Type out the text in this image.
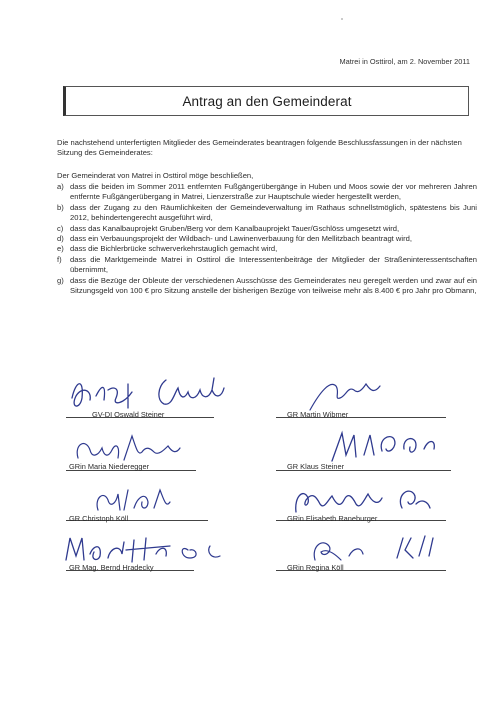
Matrei in Osttirol, am 2. November 2011
Antrag an den Gemeinderat
Die nachstehend unterfertigten Mitglieder des Gemeinderates beantragen folgende Beschlussfassungen in der nächsten Sitzung des Gemeinderates:
Der Gemeinderat von Matrei in Osttirol möge beschließen,
a) dass die beiden im Sommer 2011 entfernten Fußgängerübergänge in Huben und Moos sowie der vor mehreren Jahren entfernte Fußgängerübergang in Matrei, Lienzerstraße zur Hauptschule wieder hergestellt werden,
b) dass der Zugang zu den Räumlichkeiten der Gemeindeverwaltung im Rathaus schnellstmöglich, spätestens bis Juni 2012, behindertengerecht ausgeführt wird,
c) dass das Kanalbauprojekt Gruben/Berg vor dem Kanalbauprojekt Tauer/Gschlöss umgesetzt wird,
d) dass ein Verbauungsprojekt der Wildbach- und Lawinenverbauung für den Mellitzbach beantragt wird,
e) dass die Bichlerbrücke schwerverkehrstauglich gemacht wird,
f)	dass die Marktgemeinde Matrei in Osttirol die Interessentenbeiträge der Mitglieder der Straßeninteressentschaften übernimmt,
g) dass die Bezüge der Obleute der verschiedenen Ausschüsse des Gemeinderates neu geregelt werden und zwar auf ein Sitzungsgeld von 100 € pro Sitzung anstelle der bisherigen Bezüge von teilweise mehr als 8.400 € pro Jahr pro Obmann,
GV-DI Oswald Steiner	GR Martin Wibmer
GRin Maria Niederegger	GR Klaus Steiner
GR Christoph Köll	GRin Elisabeth Raneburger
GR Mag. Bernd Hradecky	GRin Regina Köll
